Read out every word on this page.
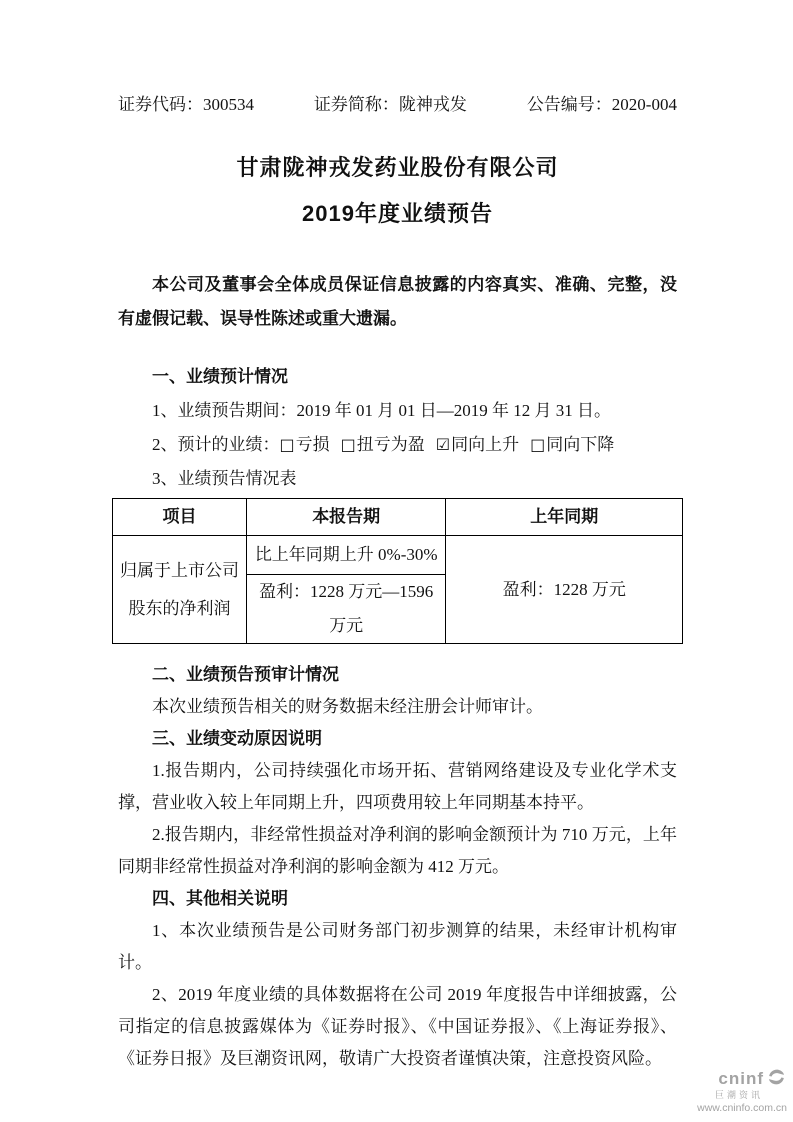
证券代码：300534	证券简称：陇神戎发	公告编号：2020-004
甘肃陇神戎发药业股份有限公司
2019年度业绩预告

本公司及董事会全体成员保证信息披露的内容真实、准确、完整，没有虚假记载、误导性陈述或重大遗漏。

一、业绩预计情况

1、业绩预告期间：2019 年 01 月 01 日—2019 年 12 月 31 日。

2、预计的业绩：□亏损 □扭亏为盈 ☑同向上升 □同向下降

3、业绩预告情况表

项目	本报告期	上年同期
归属于上市公司股东的净利润	比上年同期上升 0%-30%	盈利：1228 万元
	盈利：1228 万元—1596 万元	

二、业绩预告预审计情况

本次业绩预告相关的财务数据未经注册会计师审计。

三、业绩变动原因说明

1.报告期内，公司持续强化市场开拓、营销网络建设及专业化学术支撑，营业收入较上年同期上升，四项费用较上年同期基本持平。

2.报告期内，非经常性损益对净利润的影响金额预计为 710 万元，上年同期非经常性损益对净利润的影响金额为 412 万元。

四、其他相关说明

1、本次业绩预告是公司财务部门初步测算的结果，未经审计机构审计。

2、2019 年度业绩的具体数据将在公司 2019 年度报告中详细披露，公司指定的信息披露媒体为《证券时报》、《中国证券报》、《上海证券报》、《证券日报》及巨潮资讯网，敬请广大投资者谨慎决策，注意投资风险。

cninf
巨潮资讯
www.cninfo.com.cn
